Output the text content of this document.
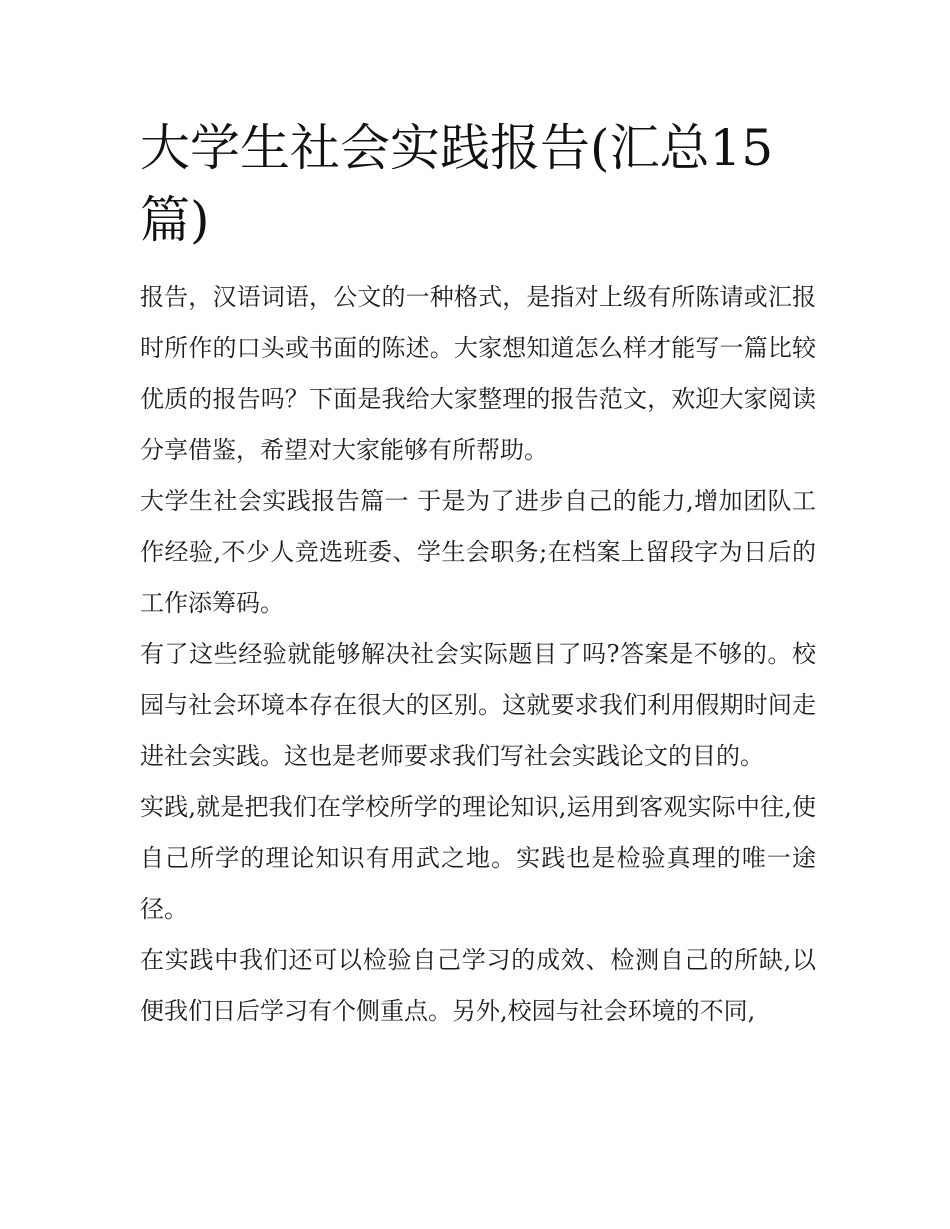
大学生社会实践报告(汇总15篇)

报告，汉语词语，公文的一种格式，是指对上级有所陈请或汇报时所作的口头或书面的陈述。大家想知道怎么样才能写一篇比较优质的报告吗？下面是我给大家整理的报告范文，欢迎大家阅读分享借鉴，希望对大家能够有所帮助。

大学生社会实践报告篇一 于是为了进步自己的能力,增加团队工作经验,不少人竞选班委、学生会职务;在档案上留段字为日后的工作添筹码。

有了这些经验就能够解决社会实际题目了吗?答案是不够的。校园与社会环境本存在很大的区别。这就要求我们利用假期时间走进社会实践。这也是老师要求我们写社会实践论文的目的。

实践,就是把我们在学校所学的理论知识,运用到客观实际中往,使自己所学的理论知识有用武之地。实践也是检验真理的唯一途径。

在实践中我们还可以检验自己学习的成效、检测自己的所缺,以便我们日后学习有个侧重点。另外,校园与社会环境的不同,
